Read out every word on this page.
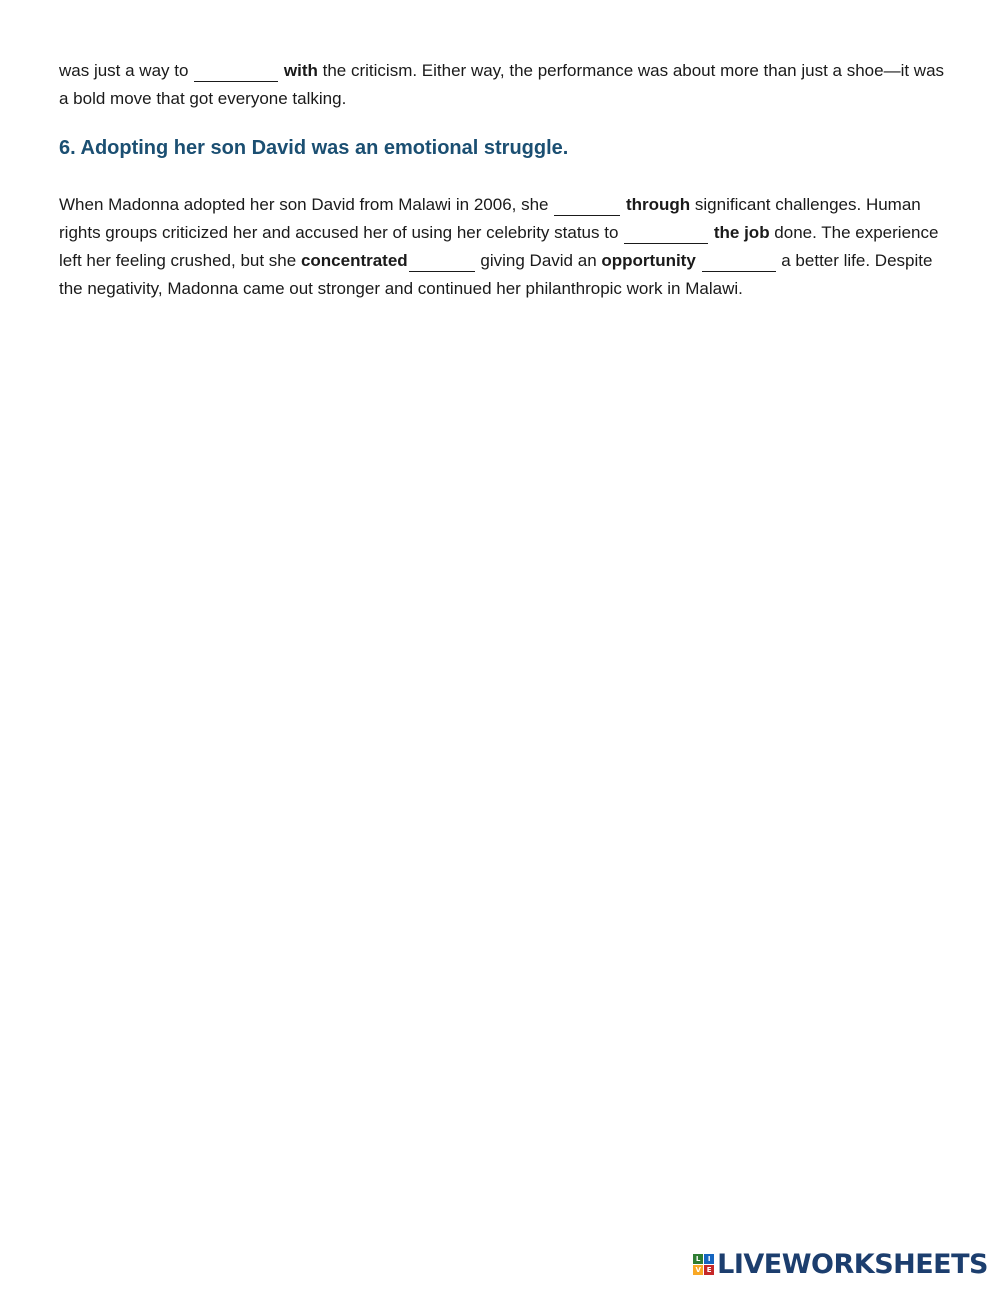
was just a way to	with the criticism. Either way, the performance was about more than just a shoe—it was a bold move that got everyone talking.

6. Adopting her son David was an emotional struggle.

When Madonna adopted her son David from Malawi in 2006, she	through significant challenges. Human rights groups criticized her and accused her of using her celebrity status to	the job done. The experience left her feeling crushed, but she concentrated	giving David an opportunity	a better life. Despite the negativity, Madonna came out stronger and continued her philanthropic work in Malawi.

L	I
V E LIVEWORKSHEETS
